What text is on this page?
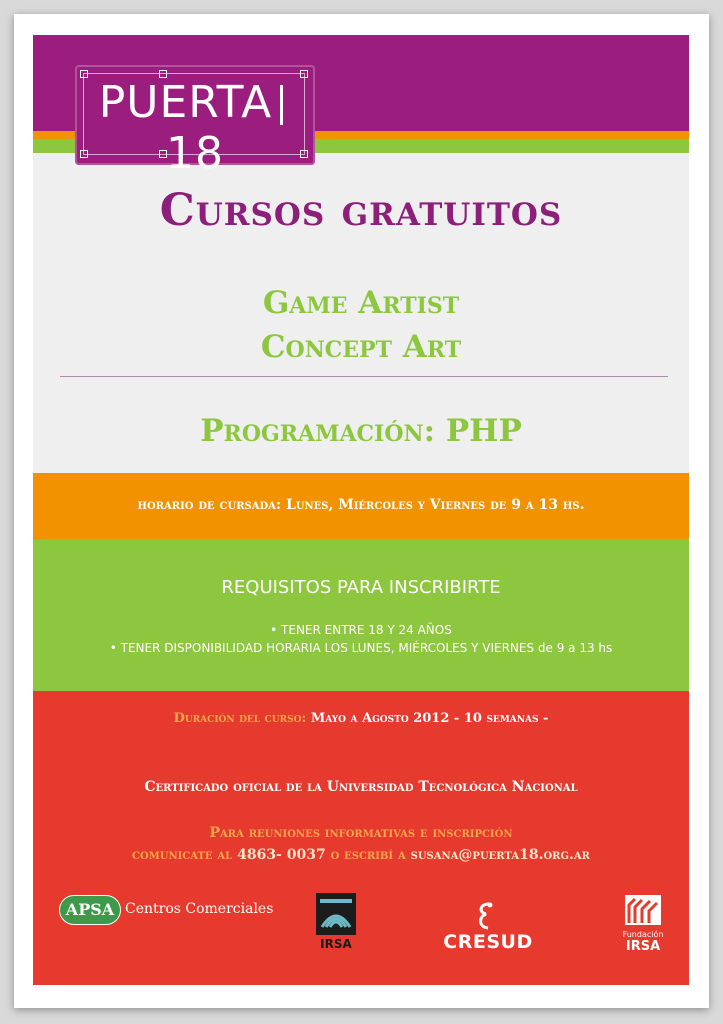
PUERTA18
Cursos gratuitos
Game Artist
Concept Art
Programación: PHP
horario de cursada: Lunes, Miércoles y Viernes de 9 a 13 hs.
REQUISITOS PARA INSCRIBIRTE
• TENER ENTRE 18 Y 24 AÑOS
• TENER DISPONIBILIDAD HORARIA LOS LUNES, MIÉRCOLES Y VIERNES de 9 a 13 hs
Duración del curso: Mayo a Agosto 2012 - 10 semanas -
Certificado oficial de la Universidad Tecnológica Nacional
Para reuniones informativas e inscripción
comunicate al 4863- 0037 o escribí a susana@puerta18.org.ar
APSA Centros Comerciales
IRSA	CRESUD	Fundación
IRSA
